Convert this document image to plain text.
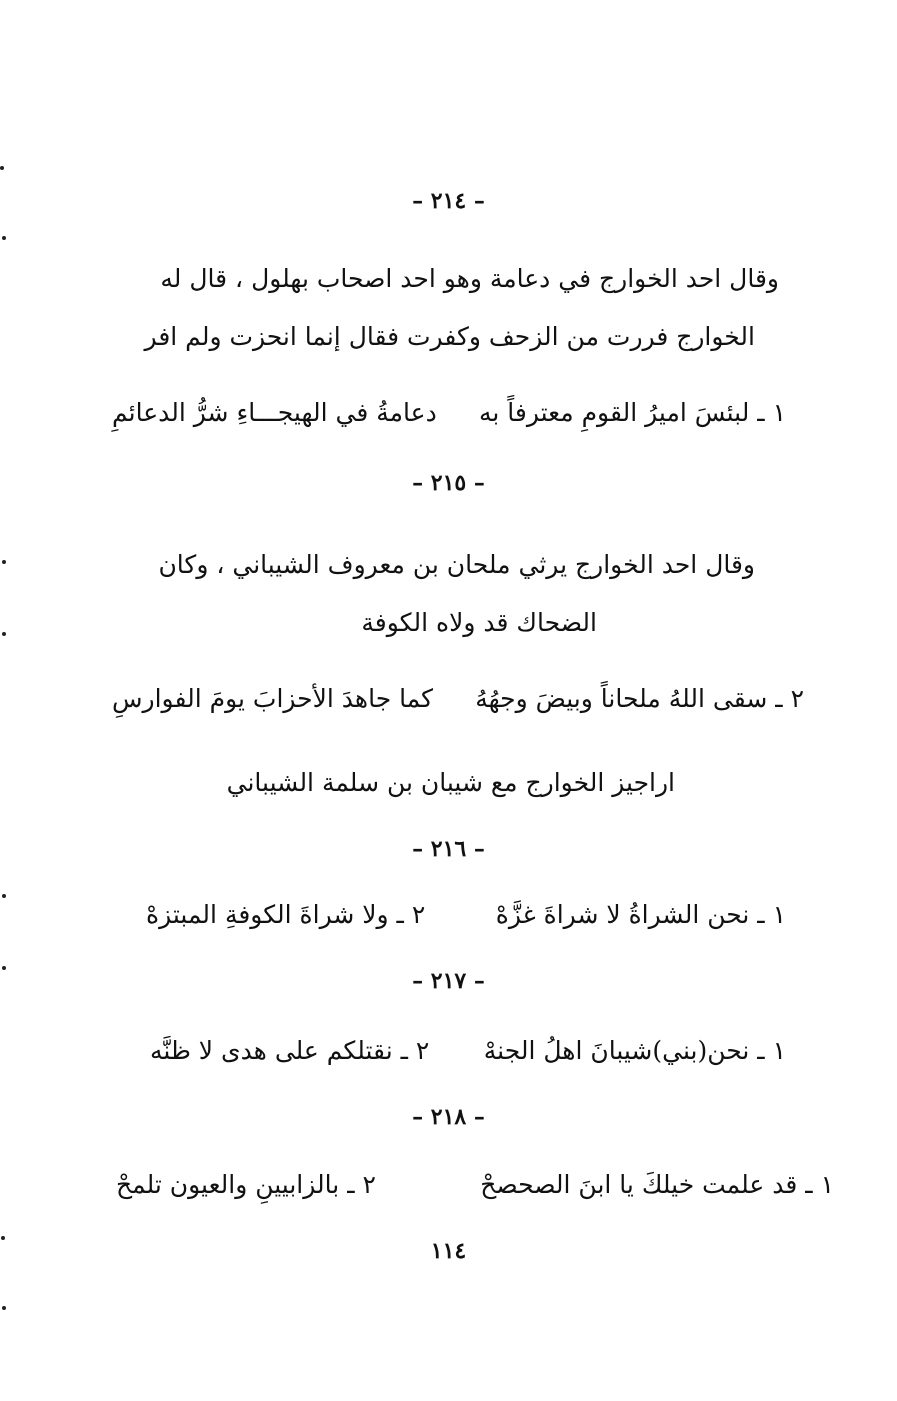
– ٢١٤ –
وقال احد الخوارج في دعامة وهو احد اصحاب بهلول ، قال له
الخوارج فررت من الزحف وكفرت فقال إنما انحزت ولم افر
١ ـ لبئسَ اميرُ القومِ معترفاً به
دعامةُ في الهيجـــاءِ شرُّ الدعائمِ
– ٢١٥ –
وقال احد الخوارج يرثي ملحان بن معروف الشيباني ، وكان
الضحاك قد ولاه الكوفة
٢ ـ سقى اللهُ ملحاناً وبيضَ وجهُهُ
كما جاهدَ الأحزابَ يومَ الفوارسِ
اراجيز الخوارج مع شيبان بن سلمة الشيباني
– ٢١٦ –
١ ـ نحن الشراةُ لا شراةَ غزَّهْ
٢ ـ ولا شراةَ الكوفةِ المبتزهْ
– ٢١٧ –
١ ـ نحن(بني)شيبانَ اهلُ الجنهْ
٢ ـ نقتلكم على هدى لا ظنَّه
– ٢١٨ –
١ ـ قد علمت خيلكَ يا ابنَ الصحصحْ
٢ ـ بالزابيينِ والعيون تلمحْ
١١٤
